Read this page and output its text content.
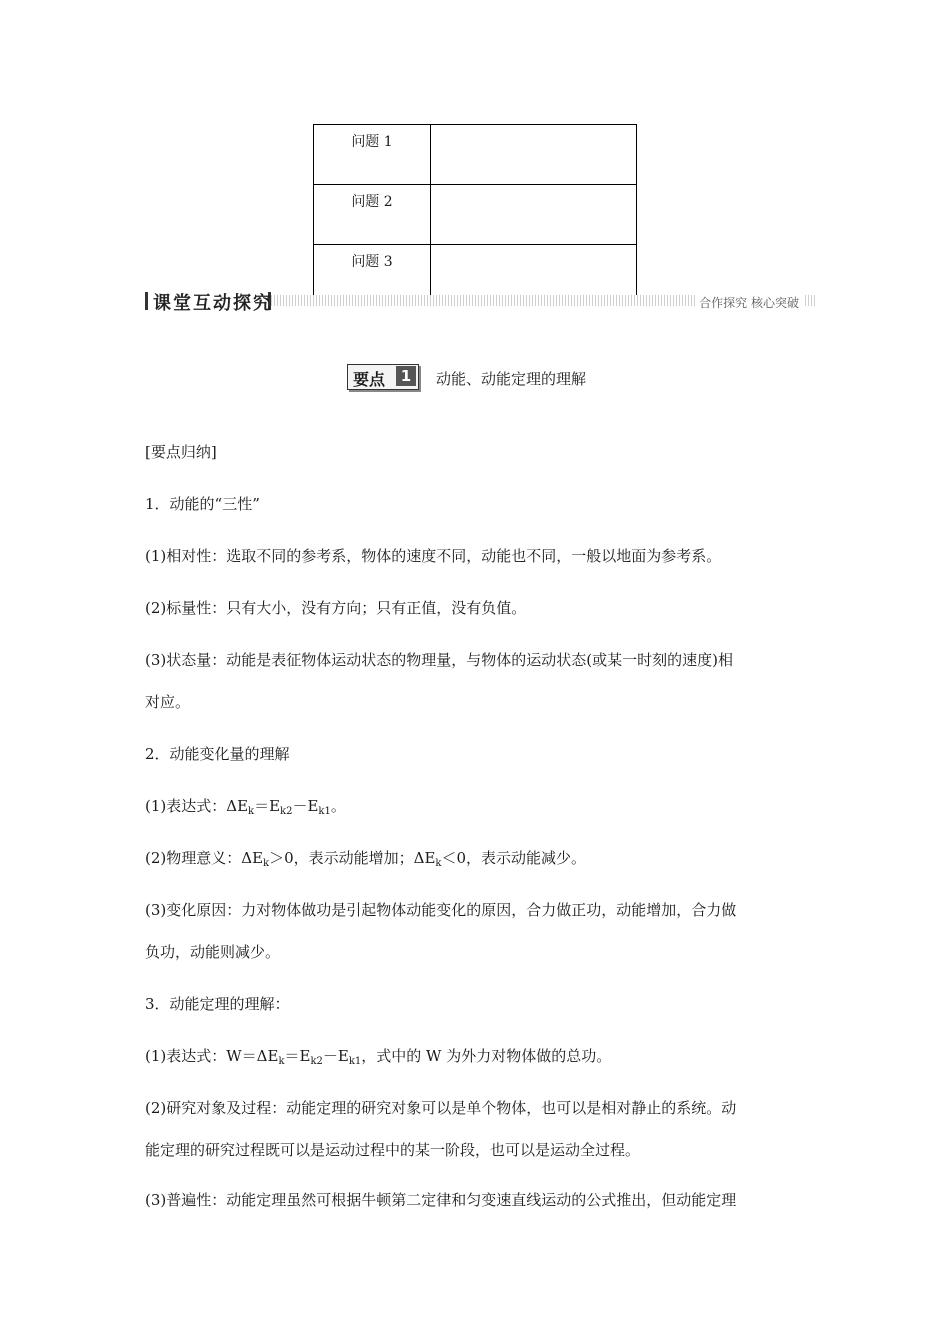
问题 1	
问题 2	
问题 3	
课堂互动探究	合作探究 核心突破
要点	1	动能、动能定理的理解
[要点归纳]
1．动能的“三性”
(1)相对性：选取不同的参考系，物体的速度不同，动能也不同，一般以地面为参考系。
(2)标量性：只有大小，没有方向；只有正值，没有负值。
(3)状态量：动能是表征物体运动状态的物理量，与物体的运动状态(或某一时刻的速度)相
对应。
2．动能变化量的理解
(1)表达式：$\Delta E_k=E_{k2}-E_{k1}$。
(2)物理意义：$\Delta E_k>0$，表示动能增加；$\Delta E_k<0$，表示动能减少。
(3)变化原因：力对物体做功是引起物体动能变化的原因，合力做正功，动能增加，合力做
负功，动能则减少。
3．动能定理的理解：
(1)表达式：$W=\Delta E_k=E_{k2}-E_{k1}$，式中的 W 为外力对物体做的总功。
(2)研究对象及过程：动能定理的研究对象可以是单个物体，也可以是相对静止的系统。动
能定理的研究过程既可以是运动过程中的某一阶段，也可以是运动全过程。
(3)普遍性：动能定理虽然可根据牛顿第二定律和匀变速直线运动的公式推出，但动能定理
